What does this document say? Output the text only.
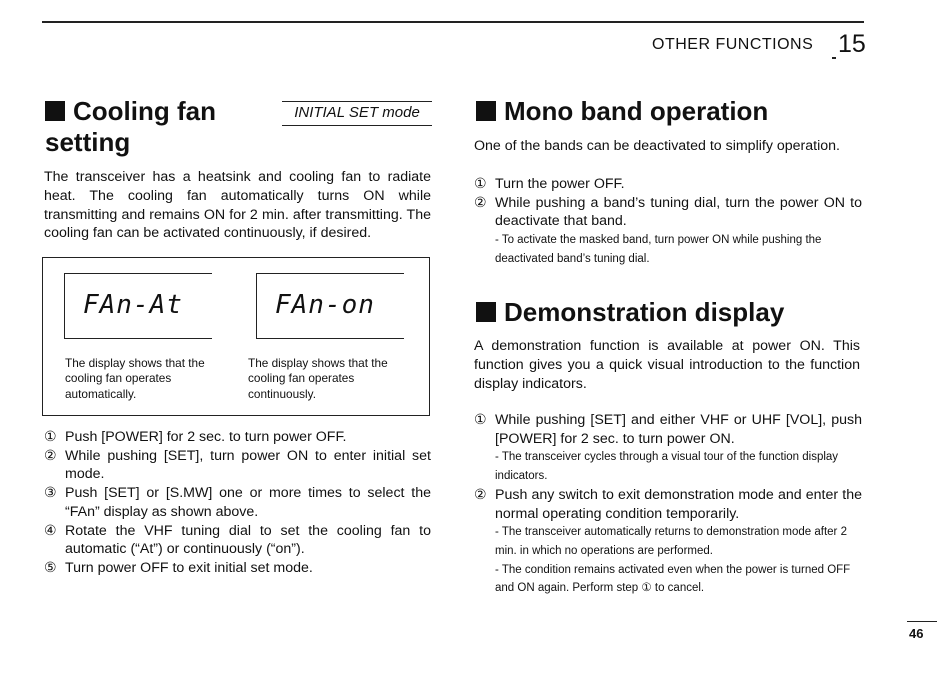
OTHER FUNCTIONS 15
Cooling fan
setting
INITIAL SET mode
The transceiver has a heatsink and cooling fan to radiate heat. The cooling fan automatically turns ON while transmitting and remains ON for 2 min. after transmitting. The cooling fan can be activated continuously, if desired.
FAn-At	FAn-on
The display shows that the cooling fan operates automatically.
The display shows that the cooling fan operates continuously.
① Push [POWER] for 2 sec. to turn power OFF.
② While pushing [SET], turn power ON to enter initial set mode.
③ Push [SET] or [S.MW] one or more times to select the “FAn” display as shown above.
④ Rotate the VHF tuning dial to set the cooling fan to automatic (“At”) or continuously (“on”).
⑤ Turn power OFF to exit initial set mode.
Mono band operation
One of the bands can be deactivated to simplify operation.
① Turn the power OFF.
② While pushing a band’s tuning dial, turn the power ON to deactivate that band.
- To activate the masked band, turn power ON while pushing the deactivated band’s tuning dial.
Demonstration display
A demonstration function is available at power ON. This function gives you a quick visual introduction to the function display indicators.
① While pushing [SET] and either VHF or UHF [VOL], push [POWER] for 2 sec. to turn power ON.
- The transceiver cycles through a visual tour of the function display indicators.
② Push any switch to exit demonstration mode and enter the normal operating condition temporarily.
- The transceiver automatically returns to demonstration mode after 2 min. in which no operations are performed.
- The condition remains activated even when the power is turned OFF and ON again. Perform step ① to cancel.
46
